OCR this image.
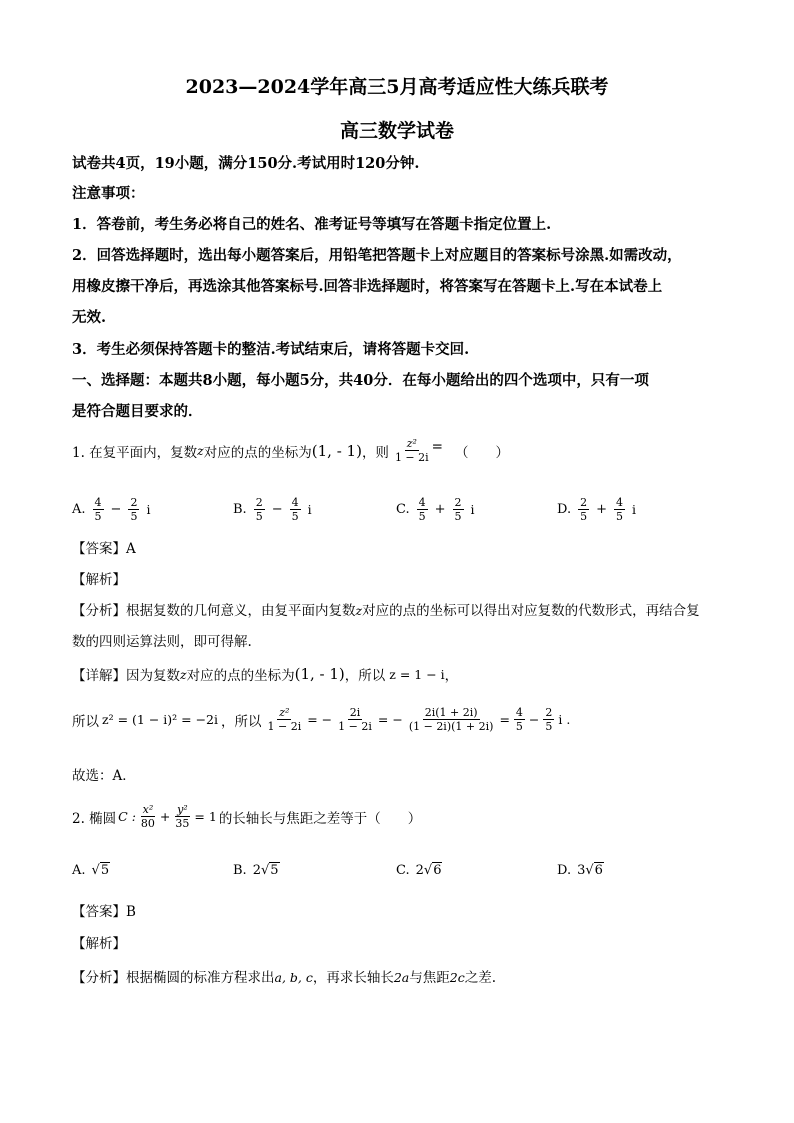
2023—2024学年高三5月高考适应性大练兵联考
高三数学试卷
试卷共4页，19小题，满分150分.考试用时120分钟.
注意事项：
1．答卷前，考生务必将自己的姓名、准考证号等填写在答题卡指定位置上.
2．回答选择题时，选出每小题答案后，用铅笔把答题卡上对应题目的答案标号涂黑.如需改动，
用橡皮擦干净后，再选涂其他答案标号.回答非选择题时，将答案写在答题卡上.写在本试卷上
无效.
3．考生必须保持答题卡的整洁.考试结束后，请将答题卡交回.
一、选择题：本题共8小题，每小题5分，共40分．在每小题给出的四个选项中，只有一项
是符合题目要求的．
1. 在复平面内，复数 z 对应的点的坐标为 (1, - 1) ，则 $\frac{\text{z²}}{1 - 2i}$ = （　　）
A. $\frac{4}{5} - \frac{2}{5}$ i	B. $\frac{2}{5} - \frac{4}{5}$ i	C. $\frac{4}{5} + \frac{2}{5}$ i	D. $\frac{2}{5} + \frac{4}{5}$ i
【答案】A
【解析】
【分析】根据复数的几何意义，由复平面内复数z对应的点的坐标可以得出对应复数的代数形式，再结合复
数的四则运算法则，即可得解.
【详解】 因为复数 z 对应的点的坐标为 (1, - 1) ，所以 z = 1 − i ，
所以 z² = (1 − i)² = −2i ，所以 $\frac{\text{z²}}{1 - 2i}$ = − $\frac{2i}{1 - 2i}$ = − $\frac{2i(1 + 2i)}{(1 - 2i)(1 + 2i)} = \frac{4}{5} - \frac{2}{5}$ i .
故选：A．
2. 椭圆 C : $\frac{\text{x²}}{80} + \frac{\text{y²}}{35} = 1$ 的长轴长与焦距之差等于（　　）
A. √5	B. 2√5	C. 2√6	D. 3√6
【答案】B
【解析】
【分析】根据椭圆的标准方程求出a, b, c，再求长轴长2a与焦距2c之差.
